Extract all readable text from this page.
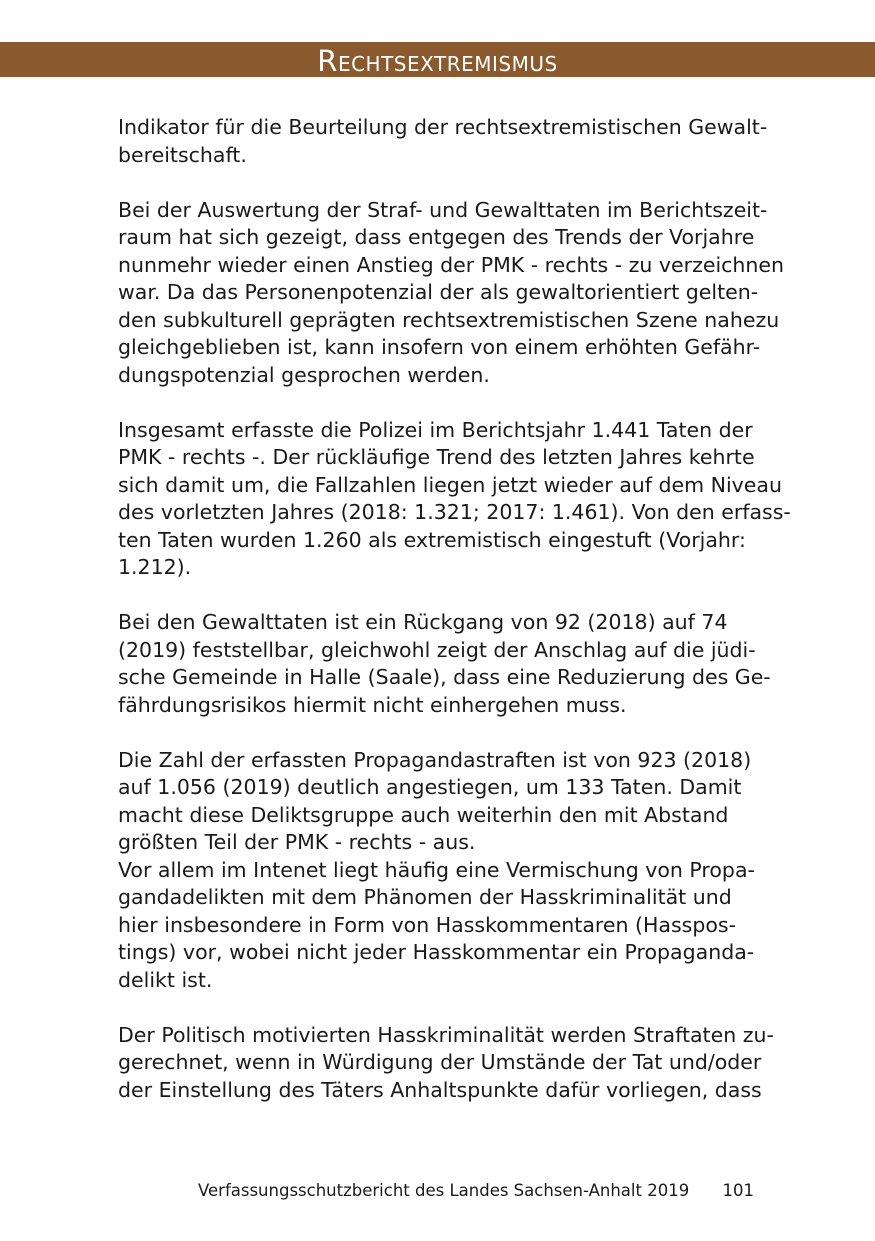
Rechtsextremismus

Indikator für die Beurteilung der rechtsextremistischen Gewalt-
bereitschaft.

Bei der Auswertung der Straf- und Gewalttaten im Berichtszeit-
raum hat sich gezeigt, dass entgegen des Trends der Vorjahre
nunmehr wieder einen Anstieg der PMK - rechts - zu verzeichnen
war. Da das Personenpotenzial der als gewaltorientiert gelten-
den subkulturell geprägten rechtsextremistischen Szene nahezu
gleichgeblieben ist, kann insofern von einem erhöhten Gefähr-
dungspotenzial gesprochen werden.

Insgesamt erfasste die Polizei im Berichtsjahr 1.441 Taten der
PMK - rechts -. Der rückläufige Trend des letzten Jahres kehrte
sich damit um, die Fallzahlen liegen jetzt wieder auf dem Niveau
des vorletzten Jahres (2018: 1.321; 2017: 1.461). Von den erfass-
ten Taten wurden 1.260 als extremistisch eingestuft (Vorjahr:
1.212).

Bei den Gewalttaten ist ein Rückgang von 92 (2018) auf 74
(2019) feststellbar, gleichwohl zeigt der Anschlag auf die jüdi-
sche Gemeinde in Halle (Saale), dass eine Reduzierung des Ge-
fährdungsrisikos hiermit nicht einhergehen muss.

Die Zahl der erfassten Propagandastraften ist von 923 (2018)
auf 1.056 (2019) deutlich angestiegen, um 133 Taten. Damit
macht diese Deliktsgruppe auch weiterhin den mit Abstand
größten Teil der PMK - rechts - aus.
Vor allem im Intenet liegt häufig eine Vermischung von Propa-
gandadelikten mit dem Phänomen der Hasskriminalität und
hier insbesondere in Form von Hasskommentaren (Hasspos-
tings) vor, wobei nicht jeder Hasskommentar ein Propaganda-
delikt ist.

Der Politisch motivierten Hasskriminalität werden Straftaten zu-
gerechnet, wenn in Würdigung der Umstände der Tat und/oder
der Einstellung des Täters Anhaltspunkte dafür vorliegen, dass

Verfassungsschutzbericht des Landes Sachsen-Anhalt 2019 101
